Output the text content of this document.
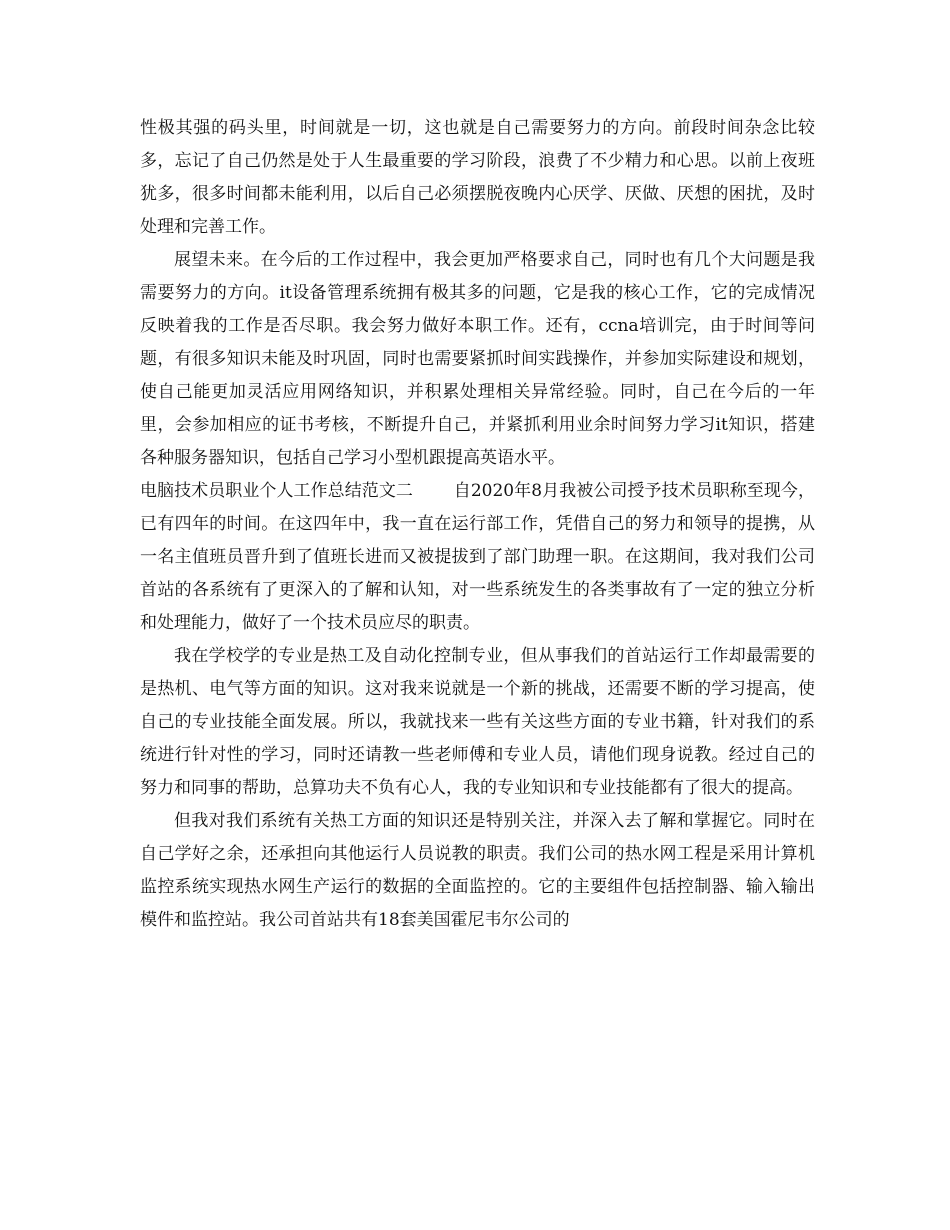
性极其强的码头里，时间就是一切，这也就是自己需要努力的方向。前段时间杂念比较多，忘记了自己仍然是处于人生最重要的学习阶段，浪费了不少精力和心思。以前上夜班犹多，很多时间都未能利用，以后自己必须摆脱夜晚内心厌学、厌做、厌想的困扰，及时处理和完善工作。

展望未来。在今后的工作过程中，我会更加严格要求自己，同时也有几个大问题是我需要努力的方向。it设备管理系统拥有极其多的问题，它是我的核心工作，它的完成情况反映着我的工作是否尽职。我会努力做好本职工作。还有，ccna培训完，由于时间等问题，有很多知识未能及时巩固，同时也需要紧抓时间实践操作，并参加实际建设和规划，使自己能更加灵活应用网络知识，并积累处理相关异常经验。同时，自己在今后的一年里，会参加相应的证书考核，不断提升自己，并紧抓利用业余时间努力学习it知识，搭建各种服务器知识，包括自己学习小型机跟提高英语水平。

电脑技术员职业个人工作总结范文二 自2020年8月我被公司授予技术员职称至现今，已有四年的时间。在这四年中，我一直在运行部工作，凭借自己的努力和领导的提携，从一名主值班员晋升到了值班长进而又被提拔到了部门助理一职。在这期间，我对我们公司首站的各系统有了更深入的了解和认知，对一些系统发生的各类事故有了一定的独立分析和处理能力，做好了一个技术员应尽的职责。

我在学校学的专业是热工及自动化控制专业，但从事我们的首站运行工作却最需要的是热机、电气等方面的知识。这对我来说就是一个新的挑战，还需要不断的学习提高，使自己的专业技能全面发展。所以，我就找来一些有关这些方面的专业书籍，针对我们的系统进行针对性的学习，同时还请教一些老师傅和专业人员，请他们现身说教。经过自己的努力和同事的帮助，总算功夫不负有心人，我的专业知识和专业技能都有了很大的提高。

但我对我们系统有关热工方面的知识还是特别关注，并深入去了解和掌握它。同时在自己学好之余，还承担向其他运行人员说教的职责。我们公司的热水网工程是采用计算机监控系统实现热水网生产运行的数据的全面监控的。它的主要组件包括控制器、输入输出模件和监控站。我公司首站共有18套美国霍尼韦尔公司的
